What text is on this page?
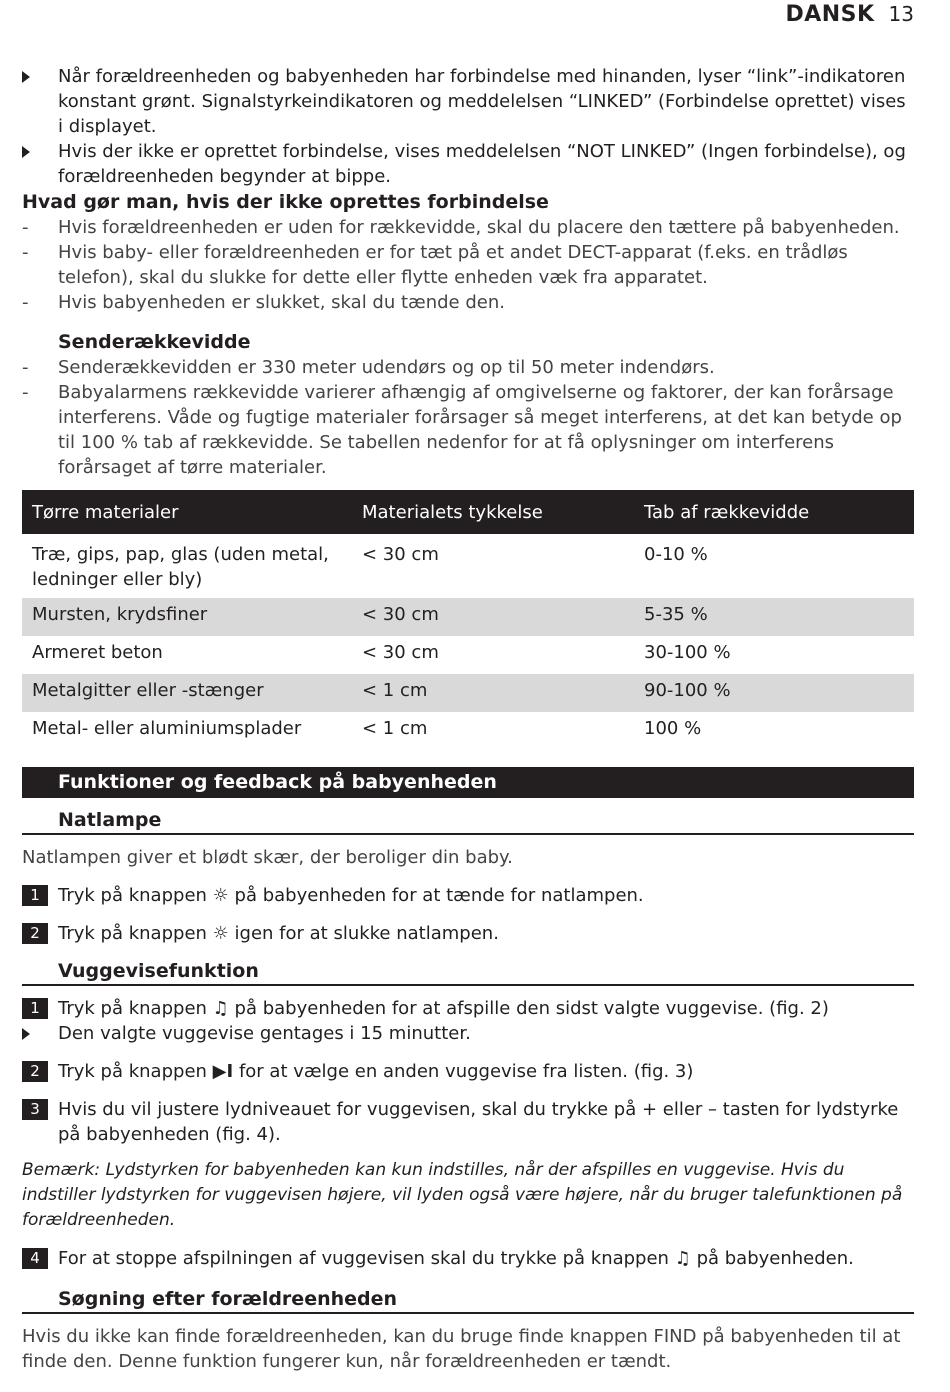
DANSK 13
Når forældreenheden og babyenheden har forbindelse med hinanden, lyser “link”-indikatoren konstant grønt. Signalstyrkeindikatoren og meddelelsen “LINKED” (Forbindelse oprettet) vises i displayet.
Hvis der ikke er oprettet forbindelse, vises meddelelsen “NOT LINKED” (Ingen forbindelse), og forældreenheden begynder at bippe.
Hvad gør man, hvis der ikke oprettes forbindelse
-	Hvis forældreenheden er uden for rækkevidde, skal du placere den tættere på babyenheden.
-	Hvis baby- eller forældreenheden er for tæt på et andet DECT-apparat (f.eks. en trådløs telefon), skal du slukke for dette eller flytte enheden væk fra apparatet.
-	Hvis babyenheden er slukket, skal du tænde den.
Senderækkevidde
-	Senderækkevidden er 330 meter udendørs og op til 50 meter indendørs.
-	Babyalarmens rækkevidde varierer afhængig af omgivelserne og faktorer, der kan forårsage interferens. Våde og fugtige materialer forårsager så meget interferens, at det kan betyde op til 100 % tab af rækkevidde. Se tabellen nedenfor for at få oplysninger om interferens forårsaget af tørre materialer.
Tørre materialer	Materialets tykkelse	Tab af rækkevidde
Træ, gips, pap, glas (uden metal, ledninger eller bly)	< 30 cm	0-10 %
Mursten, krydsfiner	< 30 cm	5-35 %
Armeret beton	< 30 cm	30-100 %
Metalgitter eller -stænger	< 1 cm	90-100 %
Metal- eller aluminiumsplader	< 1 cm	100 %
Funktioner og feedback på babyenheden
Natlampe
Natlampen giver et blødt skær, der beroliger din baby.
1	Tryk på knappen ☼ på babyenheden for at tænde for natlampen.
2	Tryk på knappen ☼ igen for at slukke natlampen.
Vuggevisefunktion
1	Tryk på knappen ♫ på babyenheden for at afspille den sidst valgte vuggevise. (fig. 2)
Den valgte vuggevise gentages i 15 minutter.
2	Tryk på knappen ▶I for at vælge en anden vuggevise fra listen. (fig. 3)
3	Hvis du vil justere lydniveauet for vuggevisen, skal du trykke på + eller – tasten for lydstyrke på babyenheden (fig. 4).
Bemærk: Lydstyrken for babyenheden kan kun indstilles, når der afspilles en vuggevise. Hvis du indstiller lydstyrken for vuggevisen højere, vil lyden også være højere, når du bruger talefunktionen på forældreenheden.
4	For at stoppe afspilningen af vuggevisen skal du trykke på knappen ♫ på babyenheden.
Søgning efter forældreenheden
Hvis du ikke kan finde forældreenheden, kan du bruge finde knappen FIND på babyenheden til at finde den. Denne funktion fungerer kun, når forældreenheden er tændt.
